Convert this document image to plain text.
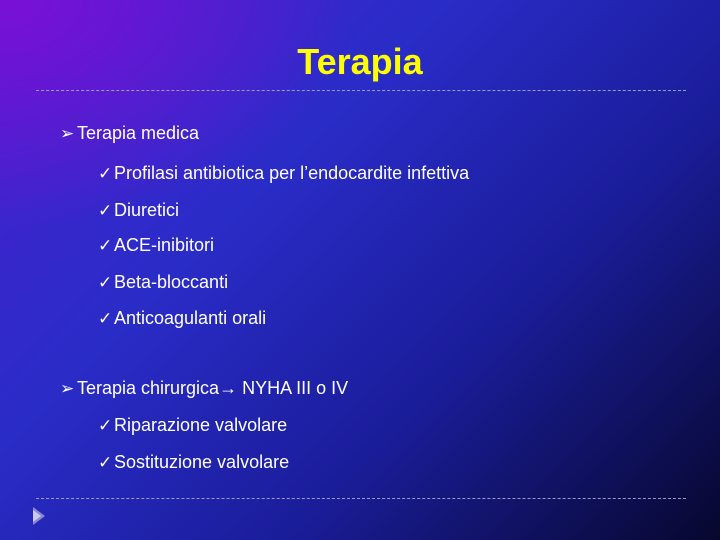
Terapia
➢ Terapia medica
✓ Profilasi antibiotica per l’endocardite infettiva
✓ Diuretici
✓ ACE-inibitori
✓ Beta-bloccanti
✓ Anticoagulanti orali
➢ Terapia chirurgica→ NYHA III o IV
✓ Riparazione valvolare
✓ Sostituzione valvolare
